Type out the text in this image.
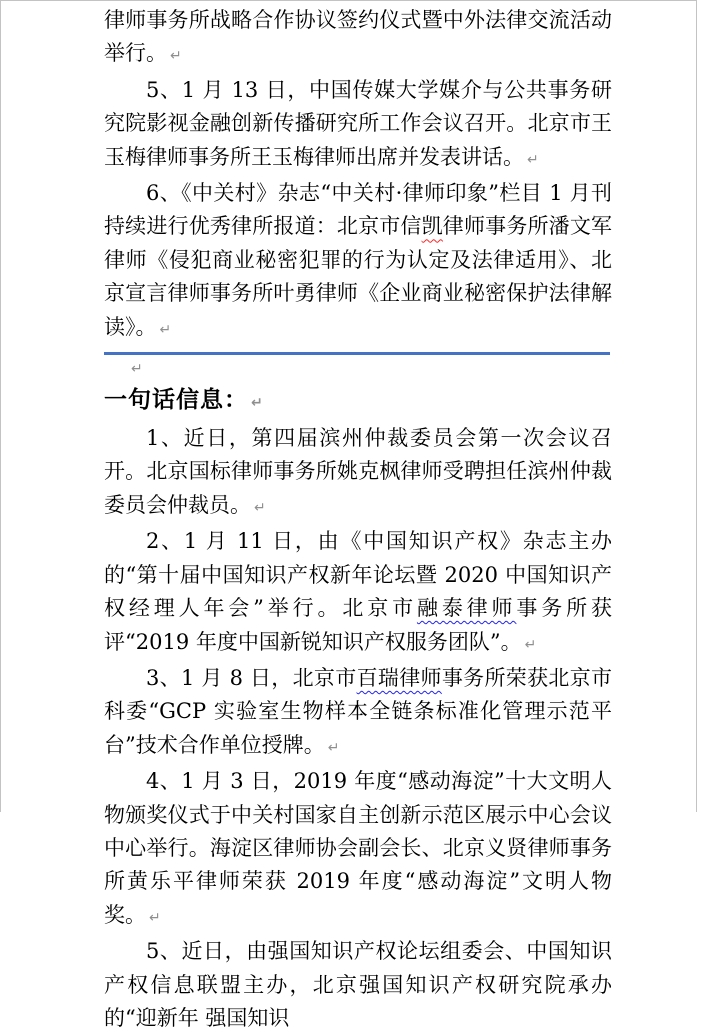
律师事务所战略合作协议签约仪式暨中外法律交流活动举行。 ↵

5、1 月 13 日，中国传媒大学媒介与公共事务研究院影视金融创新传播研究所工作会议召开。北京市王玉梅律师事务所王玉梅律师出席并发表讲话。 ↵

6、《中关村》杂志“中关村·律师印象”栏目 1 月刊持续进行优秀律所报道：北京市信凯律师事务所潘文军律师《侵犯商业秘密犯罪的行为认定及法律适用》、北京宣言律师事务所叶勇律师《企业商业秘密保护法律解读》。 ↵

↵
一句话信息： ↵

1、近日，第四届滨州仲裁委员会第一次会议召开。北京国标律师事务所姚克枫律师受聘担任滨州仲裁委员会仲裁员。 ↵

2、1 月 11 日，由《中国知识产权》杂志主办的“第十届中国知识产权新年论坛暨 2020 中国知识产权经理人年会”举行。北京市融泰律师事务所获评“2019 年度中国新锐知识产权服务团队”。 ↵

3、1 月 8 日，北京市百瑞律师事务所荣获北京市科委“GCP 实验室生物样本全链条标准化管理示范平台”技术合作单位授牌。 ↵

4、1 月 3 日，2019 年度“感动海淀”十大文明人物颁奖仪式于中关村国家自主创新示范区展示中心会议中心举行。海淀区律师协会副会长、北京义贤律师事务所黄乐平律师荣获 2019 年度“感动海淀”文明人物奖。 ↵

5、近日，由强国知识产权论坛组委会、中国知识产权信息联盟主办，北京强国知识产权研究院承办的“迎新年 强国知识
